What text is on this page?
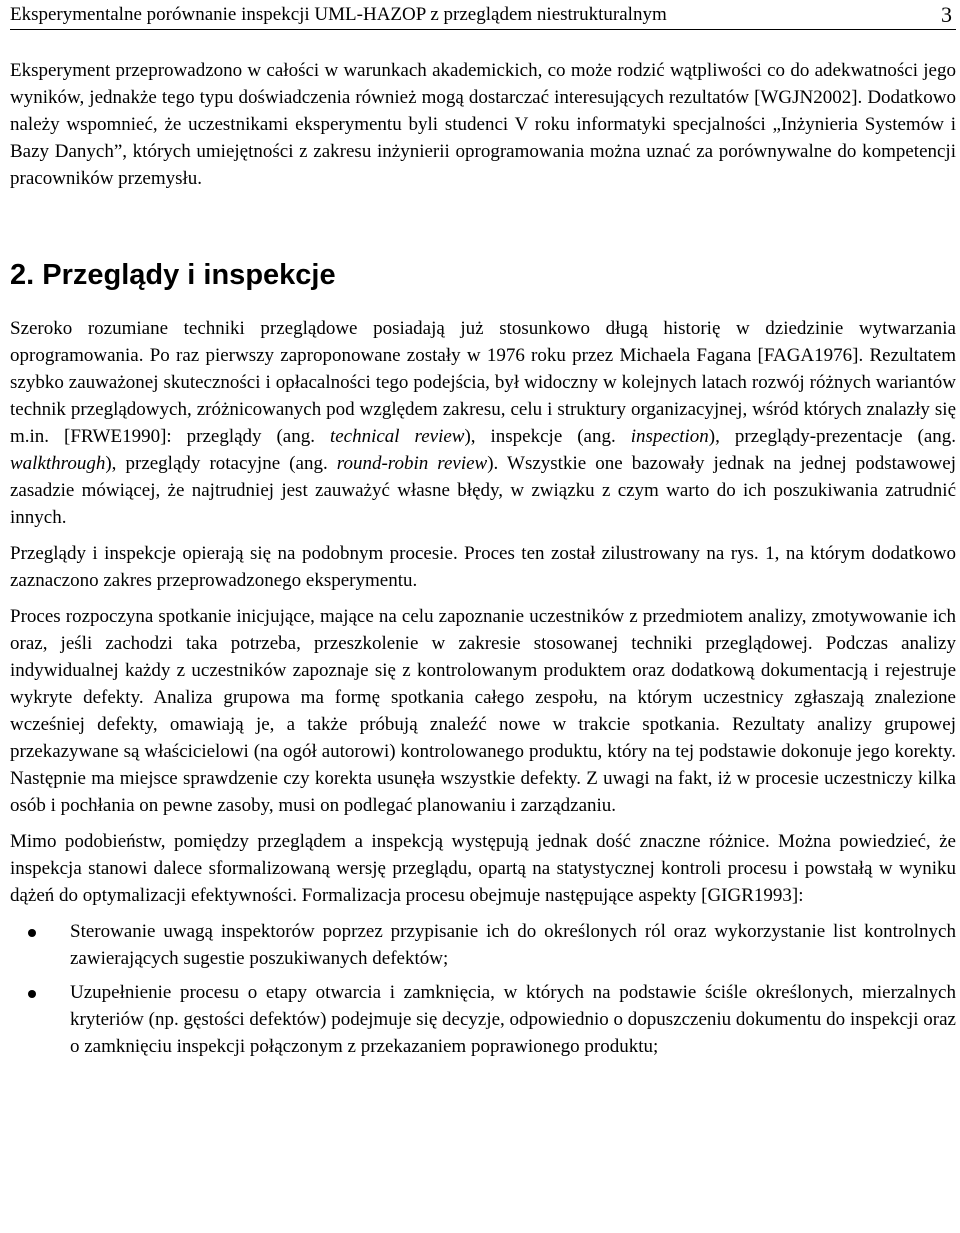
Eksperymentalne porównanie inspekcji UML-HAZOP z przeglądem niestrukturalnym	3

Eksperyment przeprowadzono w całości w warunkach akademickich, co może rodzić wątpliwości co do adekwatności jego wyników, jednakże tego typu doświadczenia również mogą dostarczać interesujących rezultatów [WGJN2002]. Dodatkowo należy wspomnieć, że uczestnikami eksperymentu byli studenci V roku informatyki specjalności „Inżynieria Systemów i Bazy Danych”, których umiejętności z zakresu inżynierii oprogramowania można uznać za porównywalne do kompetencji pracowników przemysłu.

2. Przeglądy i inspekcje

Szeroko rozumiane techniki przeglądowe posiadają już stosunkowo długą historię w dziedzinie wytwarzania oprogramowania. Po raz pierwszy zaproponowane zostały w 1976 roku przez Michaela Fagana [FAGA1976]. Rezultatem szybko zauważonej skuteczności i opłacalności tego podejścia, był widoczny w kolejnych latach rozwój różnych wariantów technik przeglądowych, zróżnicowanych pod względem zakresu, celu i struktury organizacyjnej, wśród których znalazły się m.in. [FRWE1990]: przeglądy (ang. technical review), inspekcje (ang. inspection), przeglądy-prezentacje (ang. walkthrough), przeglądy rotacyjne (ang. round-robin review). Wszystkie one bazowały jednak na jednej podstawowej zasadzie mówiącej, że najtrudniej jest zauważyć własne błędy, w związku z czym warto do ich poszukiwania zatrudnić innych.

Przeglądy i inspekcje opierają się na podobnym procesie. Proces ten został zilustrowany na rys. 1, na którym dodatkowo zaznaczono zakres przeprowadzonego eksperymentu.

Proces rozpoczyna spotkanie inicjujące, mające na celu zapoznanie uczestników z przedmiotem analizy, zmotywowanie ich oraz, jeśli zachodzi taka potrzeba, przeszkolenie w zakresie stosowanej techniki przeglądowej. Podczas analizy indywidualnej każdy z uczestników zapoznaje się z kontrolowanym produktem oraz dodatkową dokumentacją i rejestruje wykryte defekty. Analiza grupowa ma formę spotkania całego zespołu, na którym uczestnicy zgłaszają znalezione wcześniej defekty, omawiają je, a także próbują znaleźć nowe w trakcie spotkania. Rezultaty analizy grupowej przekazywane są właścicielowi (na ogół autorowi) kontrolowanego produktu, który na tej podstawie dokonuje jego korekty. Następnie ma miejsce sprawdzenie czy korekta usunęła wszystkie defekty. Z uwagi na fakt, iż w procesie uczestniczy kilka osób i pochłania on pewne zasoby, musi on podlegać planowaniu i zarządzaniu.

Mimo podobieństw, pomiędzy przeglądem a inspekcją występują jednak dość znaczne różnice. Można powiedzieć, że inspekcja stanowi dalece sformalizowaną wersję przeglądu, opartą na statystycznej kontroli procesu i powstałą w wyniku dążeń do optymalizacji efektywności. Formalizacja procesu obejmuje następujące aspekty [GIGR1993]:

Sterowanie uwagą inspektorów poprzez przypisanie ich do określonych ról oraz wykorzystanie list kontrolnych zawierających sugestie poszukiwanych defektów;
Uzupełnienie procesu o etapy otwarcia i zamknięcia, w których na podstawie ściśle określonych, mierzalnych kryteriów (np. gęstości defektów) podejmuje się decyzje, odpowiednio o dopuszczeniu dokumentu do inspekcji oraz o zamknięciu inspekcji połączonym z przekazaniem poprawionego produktu;
